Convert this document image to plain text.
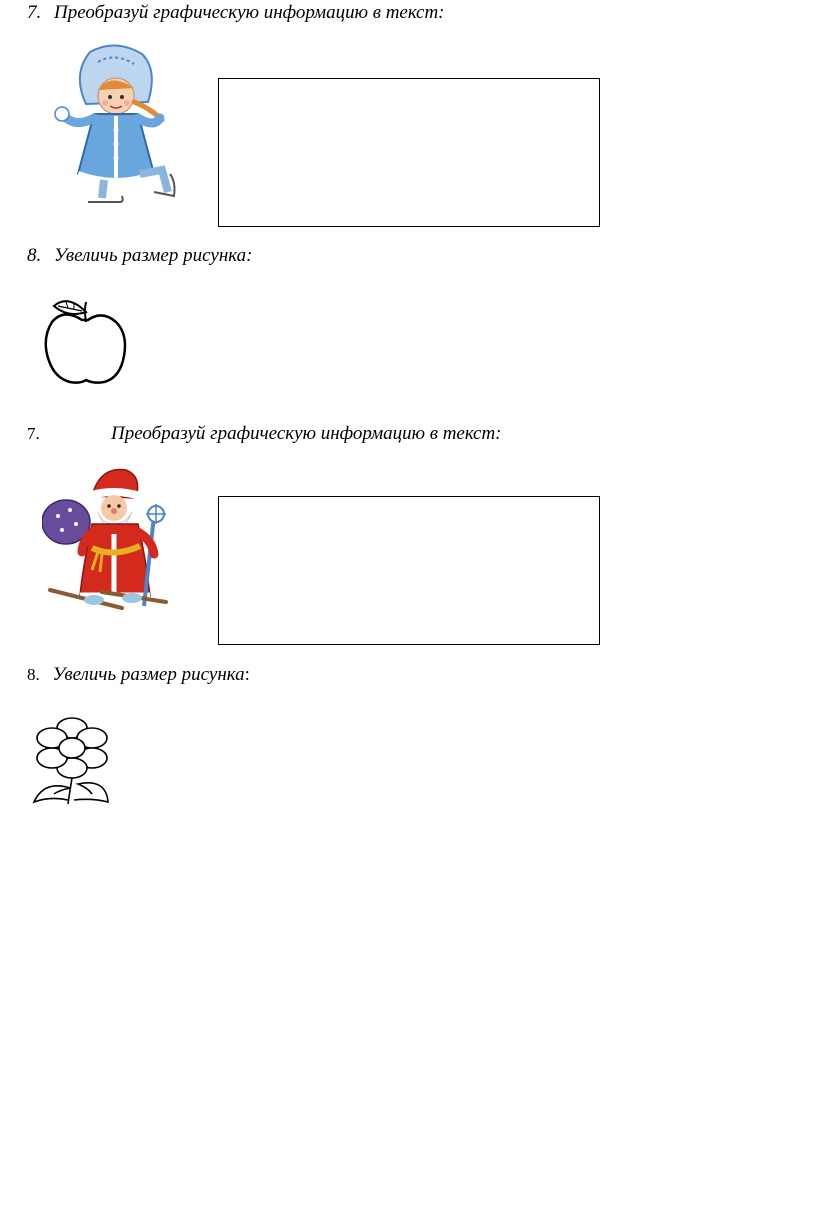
7. Преобразуй графическую информацию в текст:
8. Увеличь размер рисунка:
7.	Преобразуй графическую информацию в текст:
8. Увеличь размер рисунка:
